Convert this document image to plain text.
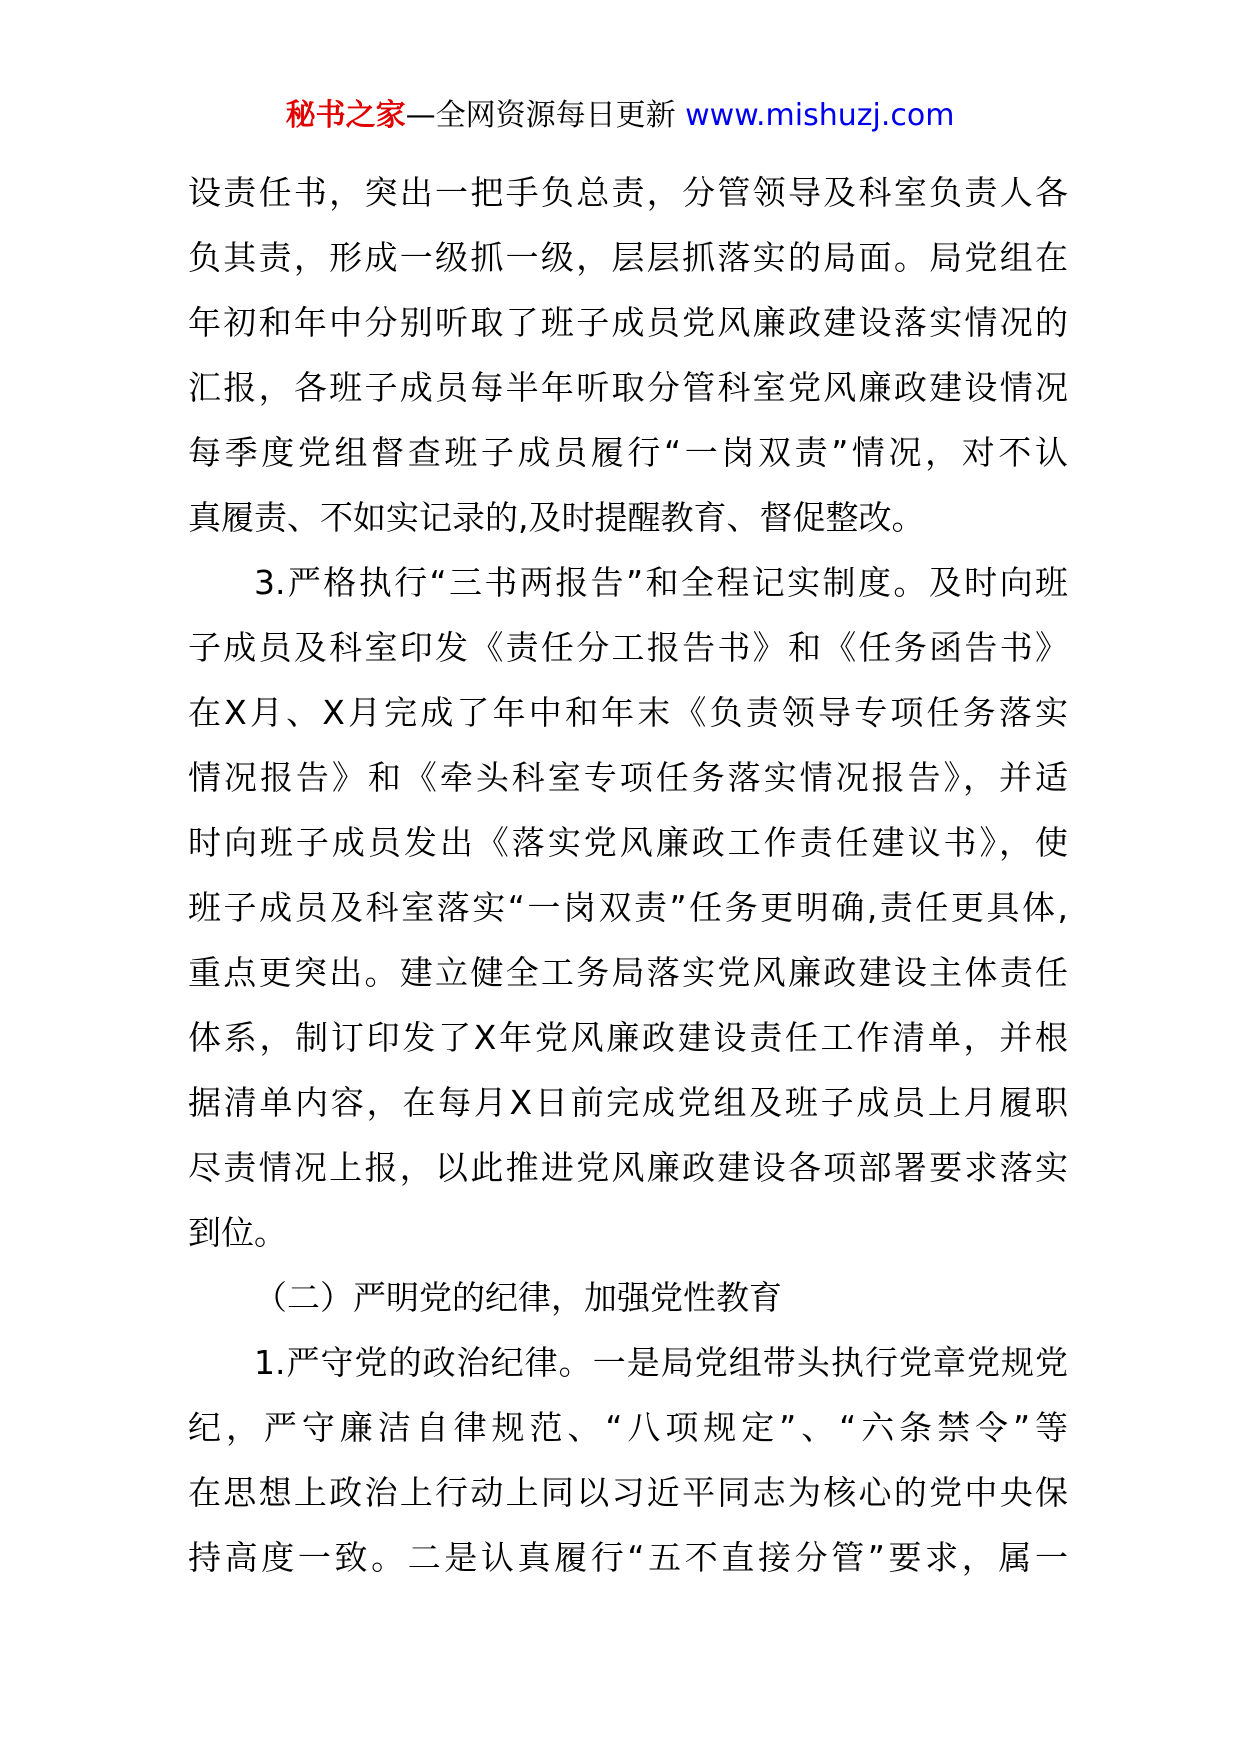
秘书之家—全网资源每日更新 www.mishuzj.com
设责任书，突出一把手负总责，分管领导及科室负责人各
负其责，形成一级抓一级，层层抓落实的局面。局党组在
年初和年中分别听取了班子成员党风廉政建设落实情况的
汇报，各班子成员每半年听取分管科室党风廉政建设情况
每季度党组督查班子成员履行“一岗双责”情况，对不认
真履责、不如实记录的,及时提醒教育、督促整改。
3.严格执行“三书两报告”和全程记实制度。及时向班
子成员及科室印发《责任分工报告书》和《任务函告书》
在X月、X月完成了年中和年末《负责领导专项任务落实
情况报告》和《牵头科室专项任务落实情况报告》，并适
时向班子成员发出《落实党风廉政工作责任建议书》，使
班子成员及科室落实“一岗双责”任务更明确,责任更具体,
重点更突出。建立健全工务局落实党风廉政建设主体责任
体系，制订印发了X年党风廉政建设责任工作清单，并根
据清单内容，在每月X日前完成党组及班子成员上月履职
尽责情况上报，以此推进党风廉政建设各项部署要求落实
到位。
（二）严明党的纪律，加强党性教育
1.严守党的政治纪律。一是局党组带头执行党章党规党
纪，严守廉洁自律规范、“八项规定”、“六条禁令”等
在思想上政治上行动上同以习近平同志为核心的党中央保
持高度一致。二是认真履行“五不直接分管”要求，属一
